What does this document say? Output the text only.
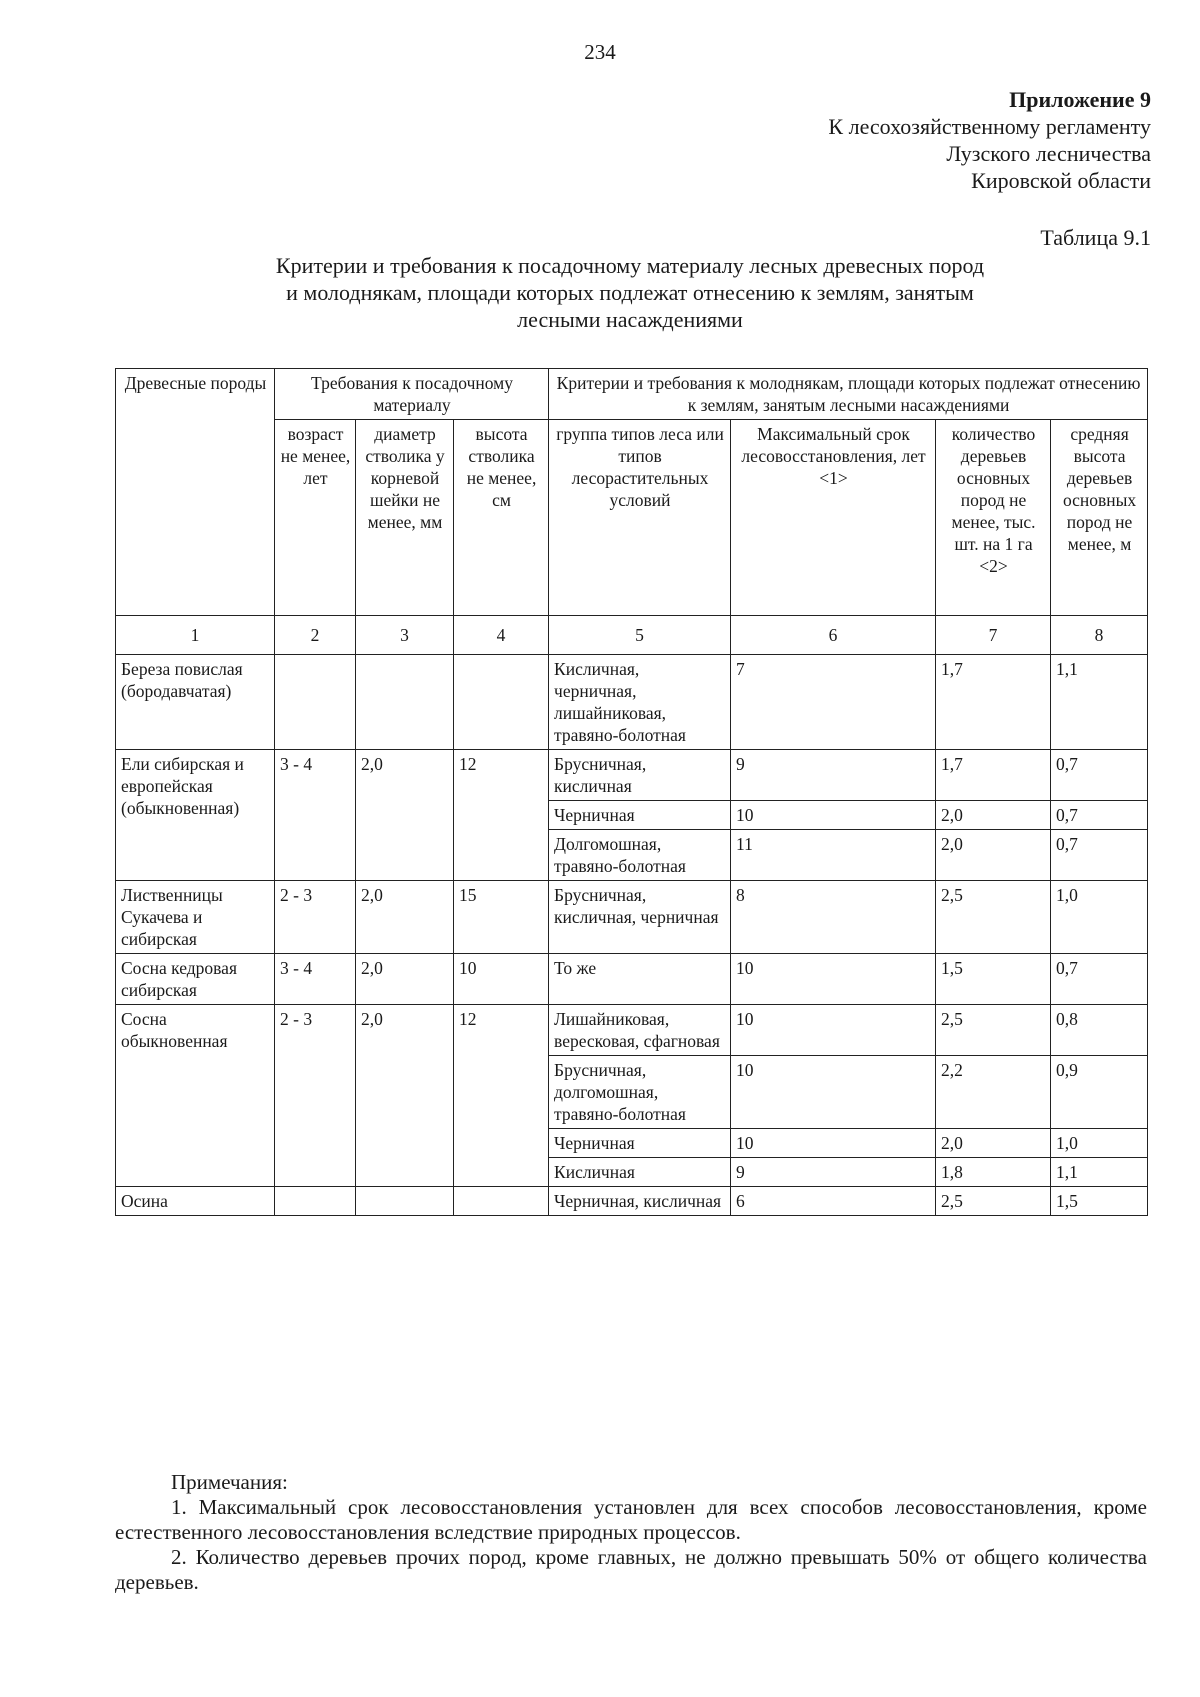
234
Приложение 9
К лесохозяйственному регламенту
Лузского лесничества
Кировской области
Таблица 9.1
Критерии и требования к посадочному материалу лесных древесных пород и молоднякам, площади которых подлежат отнесению к землям, занятым лесными насаждениями
Древесные породы	Требования к посадочному материалу			Критерии и требования к молоднякам, площади которых подлежат отнесению к землям, занятым лесными насаждениями			
	возраст не менее, лет	диаметр стволика у корневой шейки не менее, мм	высота стволика не менее, см	группа типов леса или типов лесорастительных условий	Максимальный срок лесовосстановления, лет <1>	количество деревьев основных пород не менее, тыс. шт. на 1 га <2>	средняя высота деревьев основных пород не менее, м
1	2	3	4	5	6	7	8
Береза повислая (бородавчатая)				Кисличная, черничная, лишайниковая, травяно-болотная	7	1,7	1,1
Ели сибирская и европейская (обыкновенная)	3 - 4	2,0	12	Брусничная, кисличная	9	1,7	0,7
				Черничная	10	2,0	0,7
				Долгомошная, травяно-болотная	11	2,0	0,7
Лиственницы Сукачева и сибирская	2 - 3	2,0	15	Брусничная, кисличная, черничная	8	2,5	1,0
Сосна кедровая сибирская	3 - 4	2,0	10	То же	10	1,5	0,7
Сосна обыкновенная	2 - 3	2,0	12	Лишайниковая, вересковая, сфагновая	10	2,5	0,8
				Брусничная, долгомошная, травяно-болотная	10	2,2	0,9
				Черничная	10	2,0	1,0
				Кисличная	9	1,8	1,1
Осина				Черничная, кисличная	6	2,5	1,5

Примечания:

1. Максимальный срок лесовосстановления установлен для всех способов лесовосстановления, кроме естественного лесовосстановления вследствие природных процессов.

2. Количество деревьев прочих пород, кроме главных, не должно превышать 50% от общего количества деревьев.
